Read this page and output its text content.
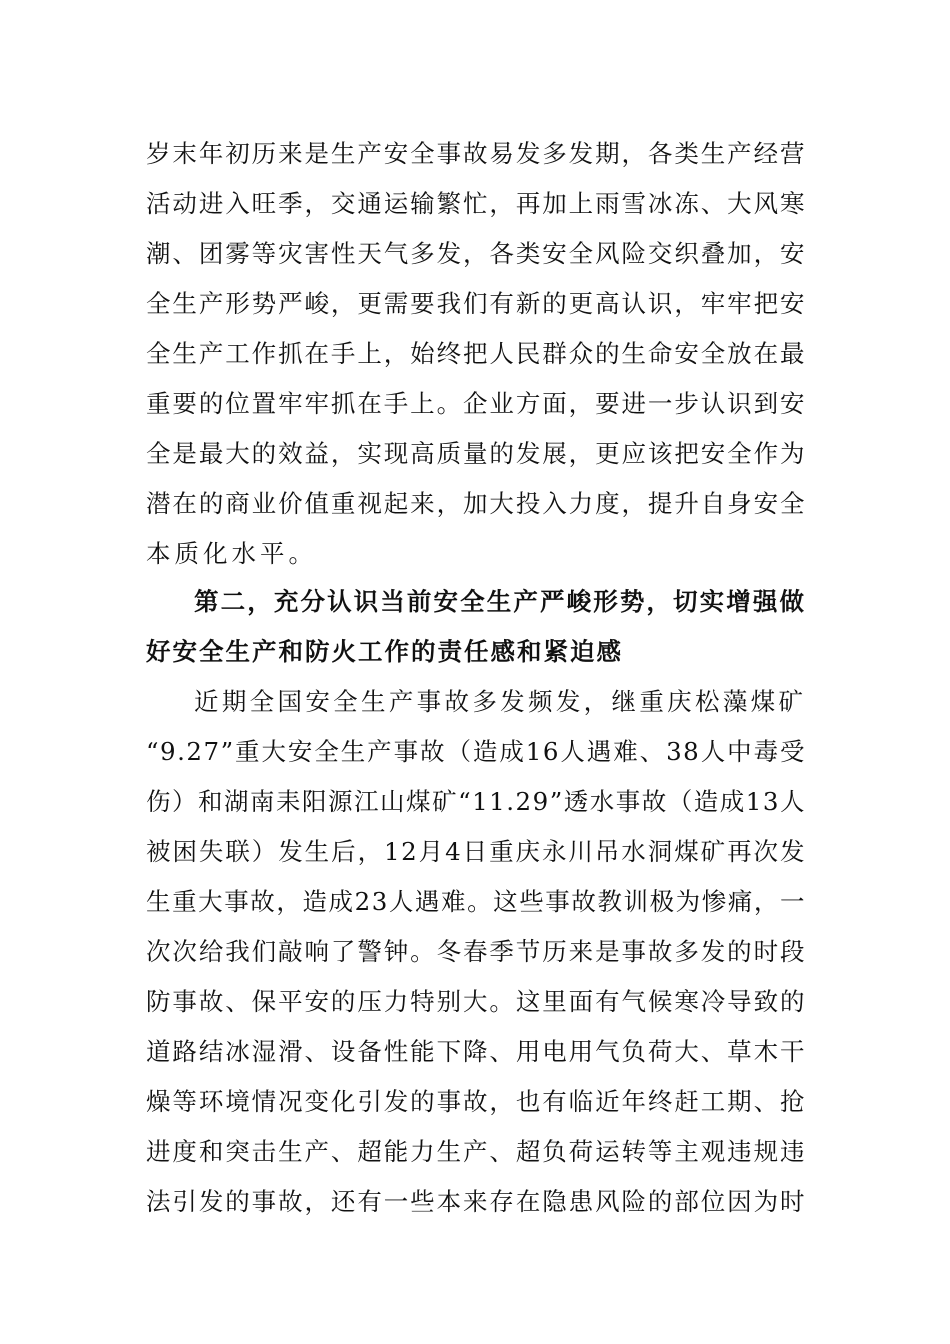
岁末年初历来是生产安全事故易发多发期，各类生产经营
活动进入旺季，交通运输繁忙，再加上雨雪冰冻、大风寒
潮、团雾等灾害性天气多发，各类安全风险交织叠加，安
全生产形势严峻，更需要我们有新的更高认识，牢牢把安
全生产工作抓在手上，始终把人民群众的生命安全放在最
重要的位置牢牢抓在手上。企业方面，要进一步认识到安
全是最大的效益，实现高质量的发展，更应该把安全作为
潜在的商业价值重视起来，加大投入力度，提升自身安全
本质化水平。
第二，充分认识当前安全生产严峻形势，切实增强做
好安全生产和防火工作的责任感和紧迫感
近期全国安全生产事故多发频发，继重庆松藻煤矿
“9.27”重大安全生产事故（造成16人遇难、38人中毒受
伤）和湖南耒阳源江山煤矿“11.29”透水事故（造成13人
被困失联）发生后，12月4日重庆永川吊水洞煤矿再次发
生重大事故，造成23人遇难。这些事故教训极为惨痛，一
次次给我们敲响了警钟。冬春季节历来是事故多发的时段
防事故、保平安的压力特别大。这里面有气候寒冷导致的
道路结冰湿滑、设备性能下降、用电用气负荷大、草木干
燥等环境情况变化引发的事故，也有临近年终赶工期、抢
进度和突击生产、超能力生产、超负荷运转等主观违规违
法引发的事故，还有一些本来存在隐患风险的部位因为时
